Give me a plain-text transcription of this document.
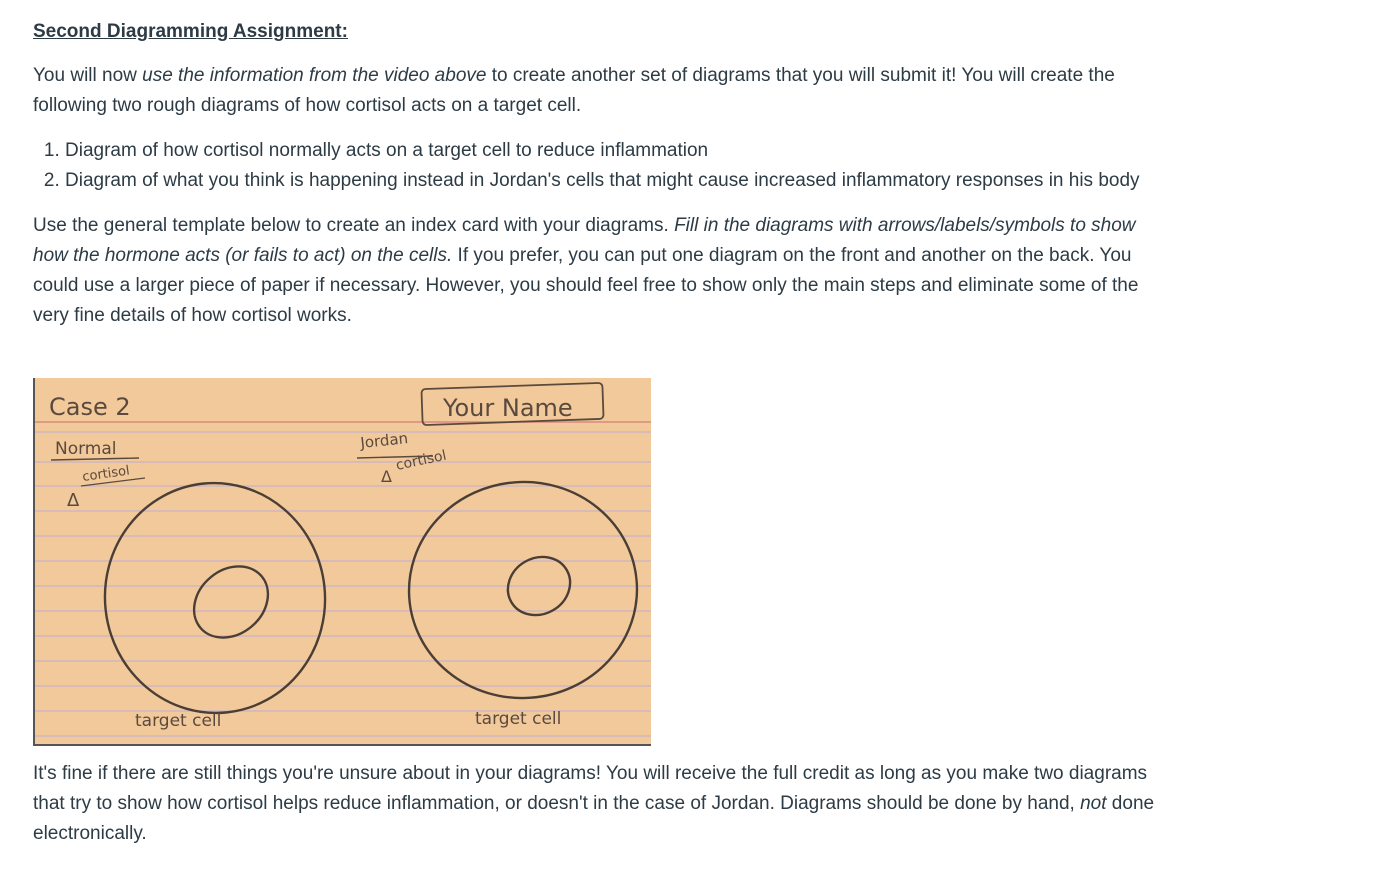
Second Diagramming Assignment:

You will now use the information from the video above to create another set of diagrams that you will submit it! You will create the following two rough diagrams of how cortisol acts on a target cell.

1. Diagram of how cortisol normally acts on a target cell to reduce inflammation
2. Diagram of what you think is happening instead in Jordan's cells that might cause increased inflammatory responses in his body

Use the general template below to create an index card with your diagrams. Fill in the diagrams with arrows/labels/symbols to show how the hormone acts (or fails to act) on the cells. If you prefer, you can put one diagram on the front and another on the back. You could use a larger piece of paper if necessary. However, you should feel free to show only the main steps and eliminate some of the very fine details of how cortisol works.

Case 2	Your Name
Normal
cortisol
Δ
Jordan
cortisol
Δ
target cell	target cell

It's fine if there are still things you're unsure about in your diagrams! You will receive the full credit as long as you make two diagrams that try to show how cortisol helps reduce inflammation, or doesn't in the case of Jordan. Diagrams should be done by hand, not done electronically.
